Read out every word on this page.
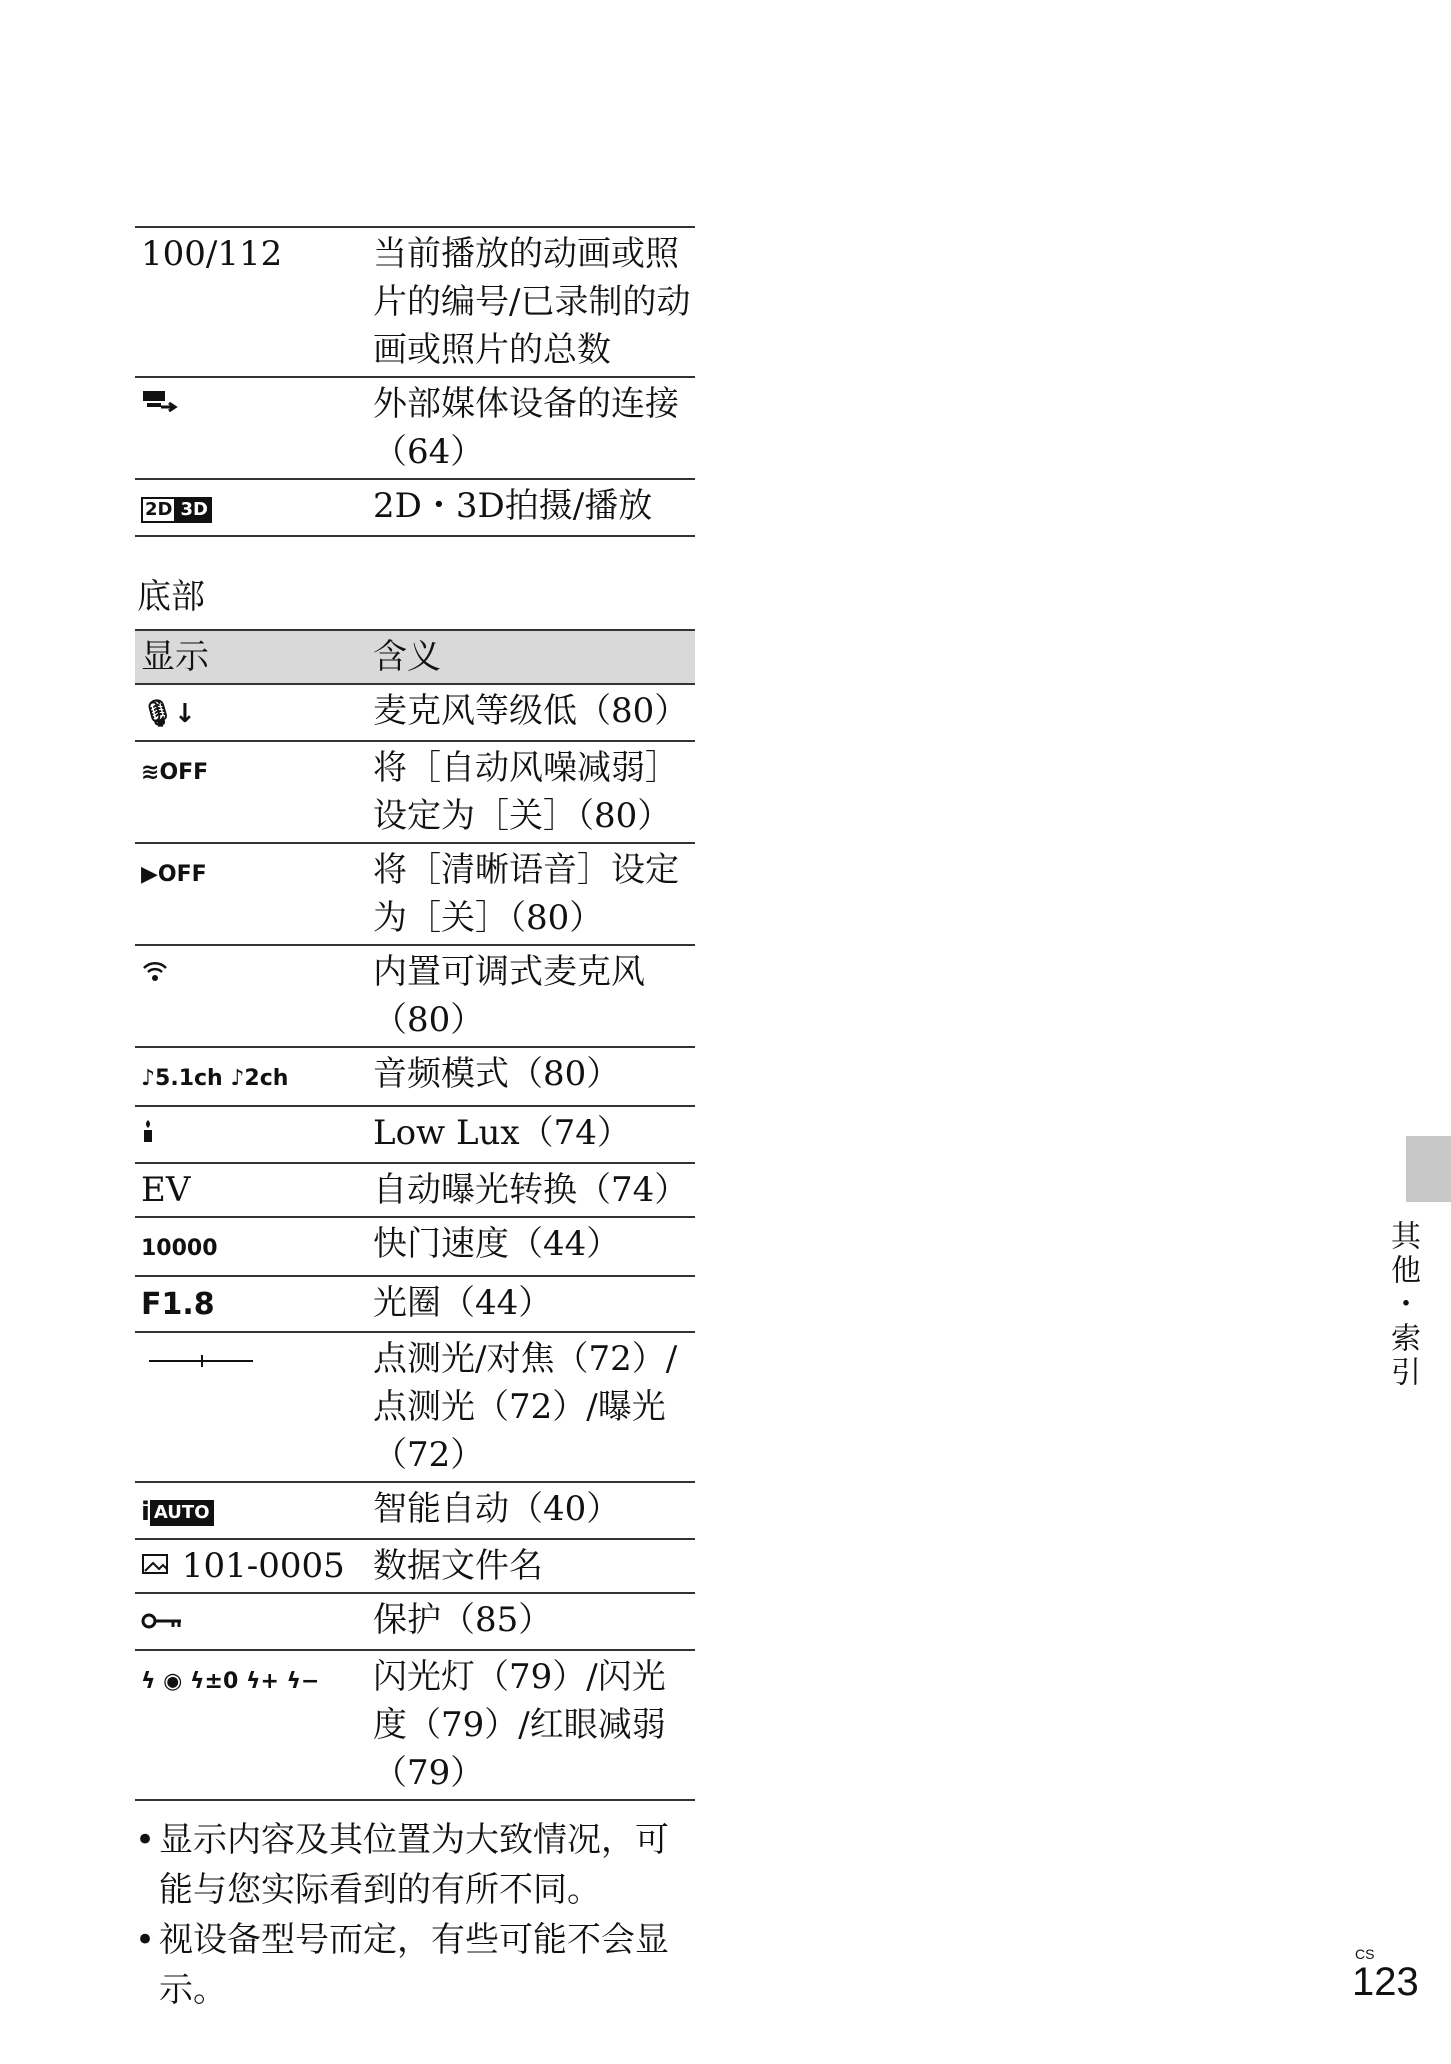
100/112	当前播放的动画或照片的编号/已录制的动画或照片的总数
	外部媒体设备的连接（64）
2D 3D	2D・3D拍摄/播放
底部
显示	含义
🎙↓	麦克风等级低（80）
≋OFF	将［自动风噪减弱］设定为［关］（80）
▶OFF	将［清晰语音］设定为［关］（80）
	内置可调式麦克风（80）
♪5.1ch ♪2ch	音频模式（80）
	Low Lux（74）
EV	自动曝光转换（74）
10000	快门速度（44）
F1.8	光圈（44）
	点测光/对焦（72）/点测光（72）/曝光（72）
i AUTO	智能自动（40）
101-0005	数据文件名
	保护（85）
ϟ ◉ ϟ±0 ϟ+ ϟ−	闪光灯（79）/闪光度（79）/红眼减弱（79）
• 显示内容及其位置为大致情况，可能与您实际看到的有所不同。
• 视设备型号而定，有些可能不会显示。
其他・索引
CS
123
